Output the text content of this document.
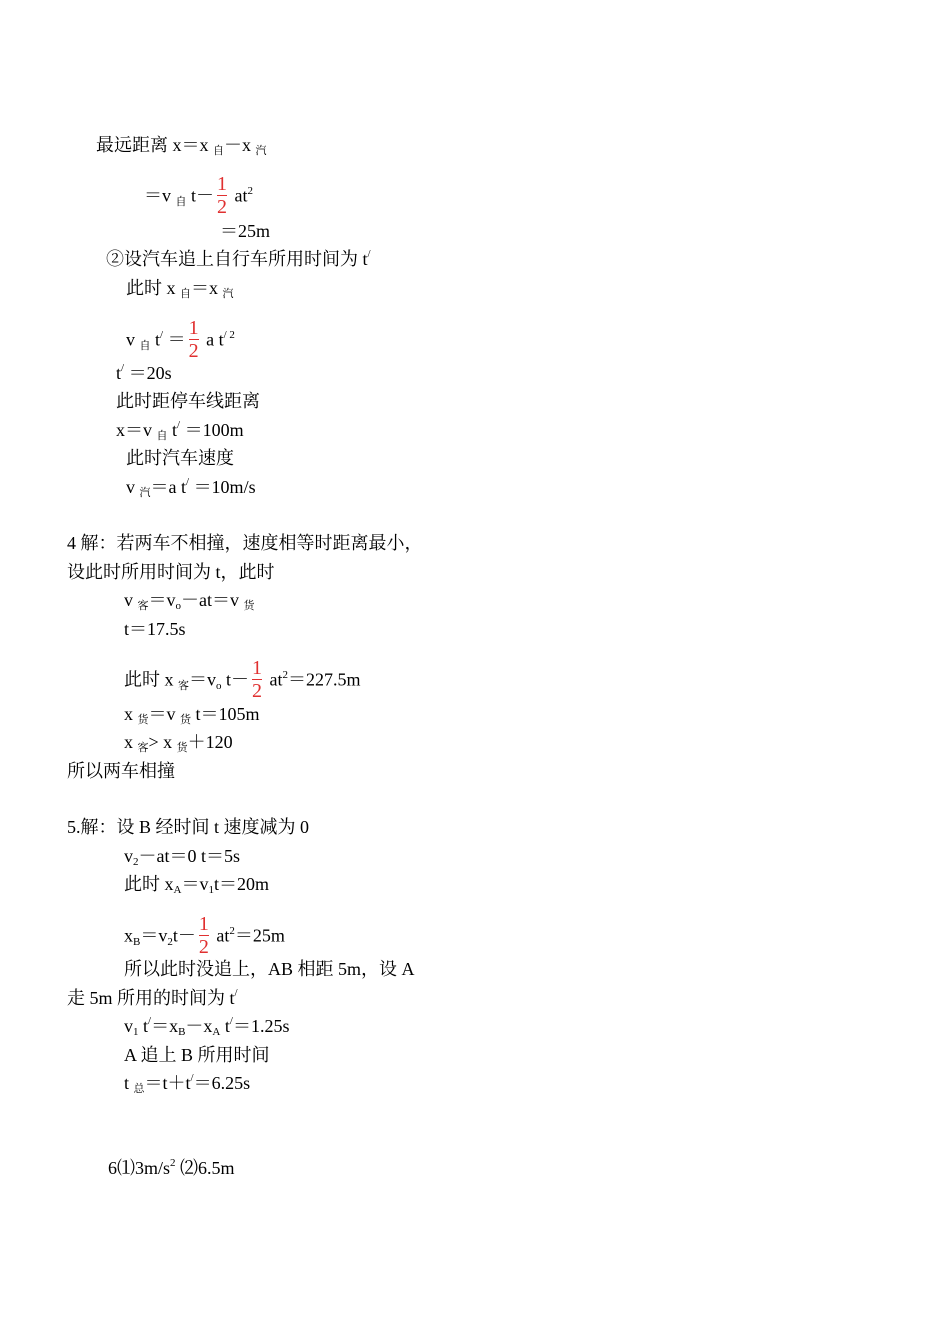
最远距离 x＝x 自－x 汽
＝v 自 $t- \frac{1}{2} at^2$
＝25m
②设汽车追上自行车所用时间为 t/
此时 x 自＝x 汽
v 自 $t^/ = \frac{1}{2}$ a $t^{/ 2}$
t/ ＝20s
此时距停车线距离
x＝v 自 t/ ＝100m
此时汽车速度
v 汽＝a t/ ＝10m/s
4 解：若两车不相撞，速度相等时距离最小，
设此时所用时间为 t，此时
v 客＝vo－at＝v 货
t＝17.5s
此时 x 客＝vo $t- \frac{1}{2} at^2=227.5m$
x 货＝v 货 t＝105m
x 客> x 货＋120
所以两车相撞
5.解：设 B 经时间 t 速度减为 0
v2－at＝0 t＝5s
此时 xA＝v1t＝20m
$xB=v2t- \frac{1}{2} at^2=25m$
所以此时没追上，AB 相距 5m，设 A
走 5m 所用的时间为 t/
v1 t/＝xB－xA t/＝1.25s
A 追上 B 所用时间
t 总＝t＋t/＝6.25s
$6⑴3m/s^2$ ⑵6.5m
